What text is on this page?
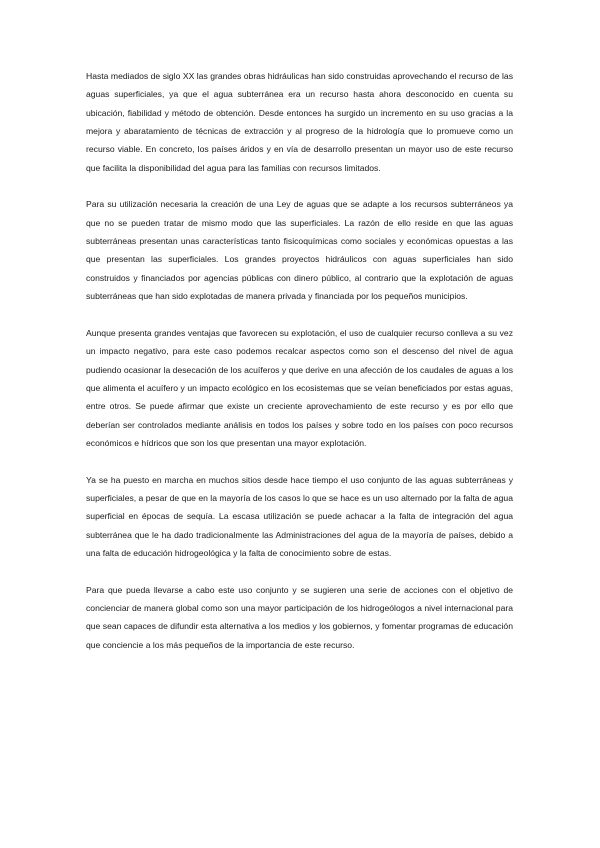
Hasta mediados de siglo XX las grandes obras hidráulicas han sido construidas aprovechando el recurso de las aguas superficiales, ya que el agua subterránea era un recurso hasta ahora desconocido en cuenta su ubicación, fiabilidad y método de obtención. Desde entonces ha surgido un incremento en su uso gracias a la mejora y abaratamiento de técnicas de extracción y al progreso de la hidrología que lo promueve como un recurso viable. En concreto, los países áridos y en vía de desarrollo presentan un mayor uso de este recurso que facilita la disponibilidad del agua para las familias con recursos limitados.

Para su utilización necesaria la creación de una Ley de aguas que se adapte a los recursos subterráneos ya que no se pueden tratar de mismo modo que las superficiales. La razón de ello reside en que las aguas subterráneas presentan unas características tanto fisicoquímicas como sociales y económicas opuestas a las que presentan las superficiales. Los grandes proyectos hidráulicos con aguas superficiales han sido construidos y financiados por agencias públicas con dinero público, al contrario que la explotación de aguas subterráneas que han sido explotadas de manera privada y financiada por los pequeños municipios.

Aunque presenta grandes ventajas que favorecen su explotación, el uso de cualquier recurso conlleva a su vez un impacto negativo, para este caso podemos recalcar aspectos como son el descenso del nivel de agua pudiendo ocasionar la desecación de los acuíferos y que derive en una afección de los caudales de aguas a los que alimenta el acuífero y un impacto ecológico en los ecosistemas que se veían beneficiados por estas aguas, entre otros. Se puede afirmar que existe un creciente aprovechamiento de este recurso y es por ello que deberían ser controlados mediante análisis en todos los países y sobre todo en los países con poco recursos económicos e hídricos que son los que presentan una mayor explotación.

Ya se ha puesto en marcha en muchos sitios desde hace tiempo el uso conjunto de las aguas subterráneas y superficiales, a pesar de que en la mayoría de los casos lo que se hace es un uso alternado por la falta de agua superficial en épocas de sequía. La escasa utilización se puede achacar a la falta de integración del agua subterránea que le ha dado tradicionalmente las Administraciones del agua de la mayoría de países, debido a una falta de educación hidrogeológica y la falta de conocimiento sobre de estas.

Para que pueda llevarse a cabo este uso conjunto y se sugieren una serie de acciones con el objetivo de concienciar de manera global como son una mayor participación de los hidrogeólogos a nivel internacional para que sean capaces de difundir esta alternativa a los medios y los gobiernos, y fomentar programas de educación que conciencie a los más pequeños de la importancia de este recurso.
